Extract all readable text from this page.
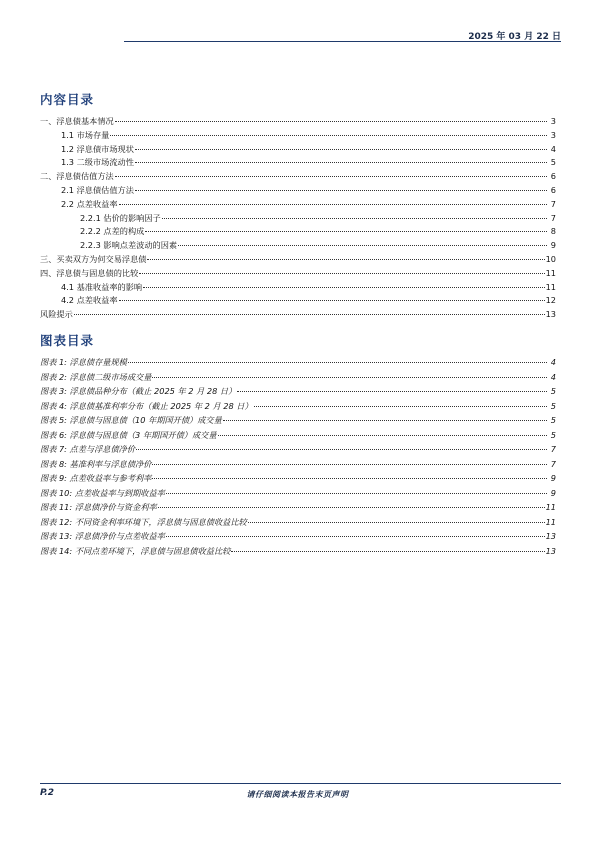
2025 年 03 月 22 日
内容目录
一、浮息债基本情况	3
1.1 市场存量	3
1.2 浮息债市场现状	4
1.3 二级市场流动性	5
二、浮息债估值方法	6
2.1 浮息债估值方法	6
2.2 点差收益率	7
2.2.1 估价的影响因子	7
2.2.2 点差的构成	8
2.2.3 影响点差波动的因素	9
三、买卖双方为何交易浮息债	10
四、浮息债与固息债的比较	11
4.1 基准收益率的影响	11
4.2 点差收益率	12
风险提示	13
图表目录
图表 1: 浮息债存量规模	4
图表 2: 浮息债二级市场成交量	4
图表 3: 浮息债品种分布（截止 2025 年 2 月 28 日）	5
图表 4: 浮息债基准利率分布（截止 2025 年 2 月 28 日）	5
图表 5: 浮息债与固息债（10 年期国开债）成交量	5
图表 6: 浮息债与固息债（3 年期国开债）成交量	5
图表 7: 点差与浮息债净价	7
图表 8: 基准利率与浮息债净价	7
图表 9: 点差收益率与参考利率	9
图表 10: 点差收益率与到期收益率	9
图表 11: 浮息债净价与资金利率	11
图表 12: 不同资金利率环境下，浮息债与固息债收益比较	11
图表 13: 浮息债净价与点差收益率	13
图表 14: 不同点差环境下，浮息债与固息债收益比较	13
P.2	请仔细阅读本报告末页声明
